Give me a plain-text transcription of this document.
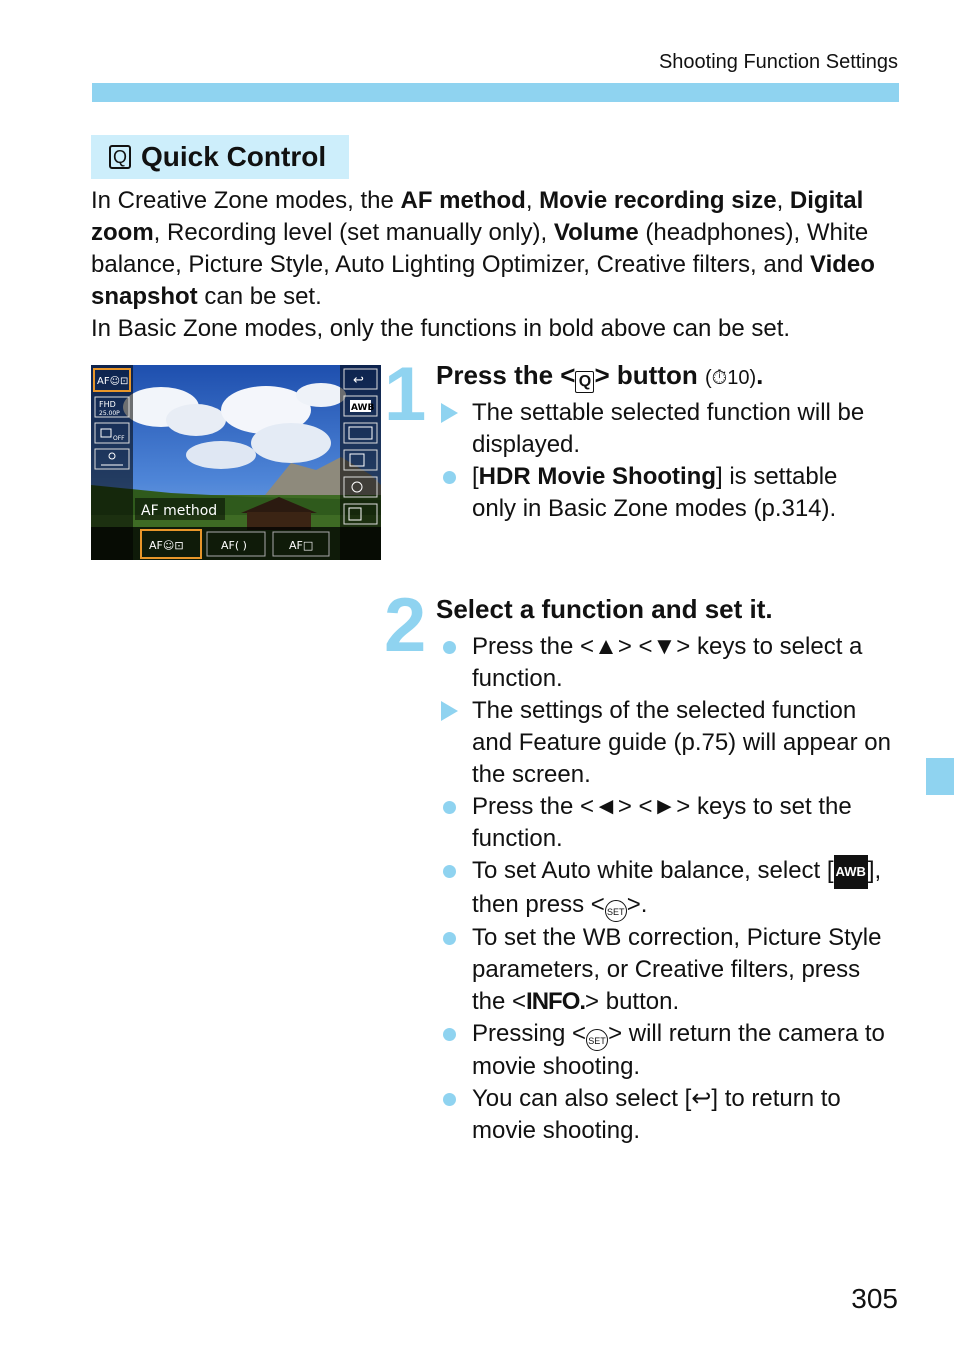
Shooting Function Settings
Q
Quick Control

In Creative Zone modes, the AF method, Movie recording size, Digital zoom, Recording level (set manually only), Volume (headphones), White balance, Picture Style, Auto Lighting Optimizer, Creative filters, and Video snapshot can be set.

In Basic Zone modes, only the functions in bold above can be set.

AF☺⊡
FHD
25.00P
OFF
↩
AWB
AF method
AF☺⊡	AF( )	AF□
1 Press the < Q > button (⏱10).
The settable selected function will be displayed.
[HDR Movie Shooting] is settable only in Basic Zone modes (p.314).
2 Select a function and set it.
Press the <▲> <▼> keys to select a function.
The settings of the selected function and Feature guide (p.75) will appear on the screen.
Press the <◄> <►> keys to set the function.
To set Auto white balance, select [ AWB], then press < SET>.
To set the WB correction, Picture Style parameters, or Creative filters, press the <INFO.> button.
Pressing < SET> will return the camera to movie shooting.
You can also select [↩] to return to movie shooting.
305
